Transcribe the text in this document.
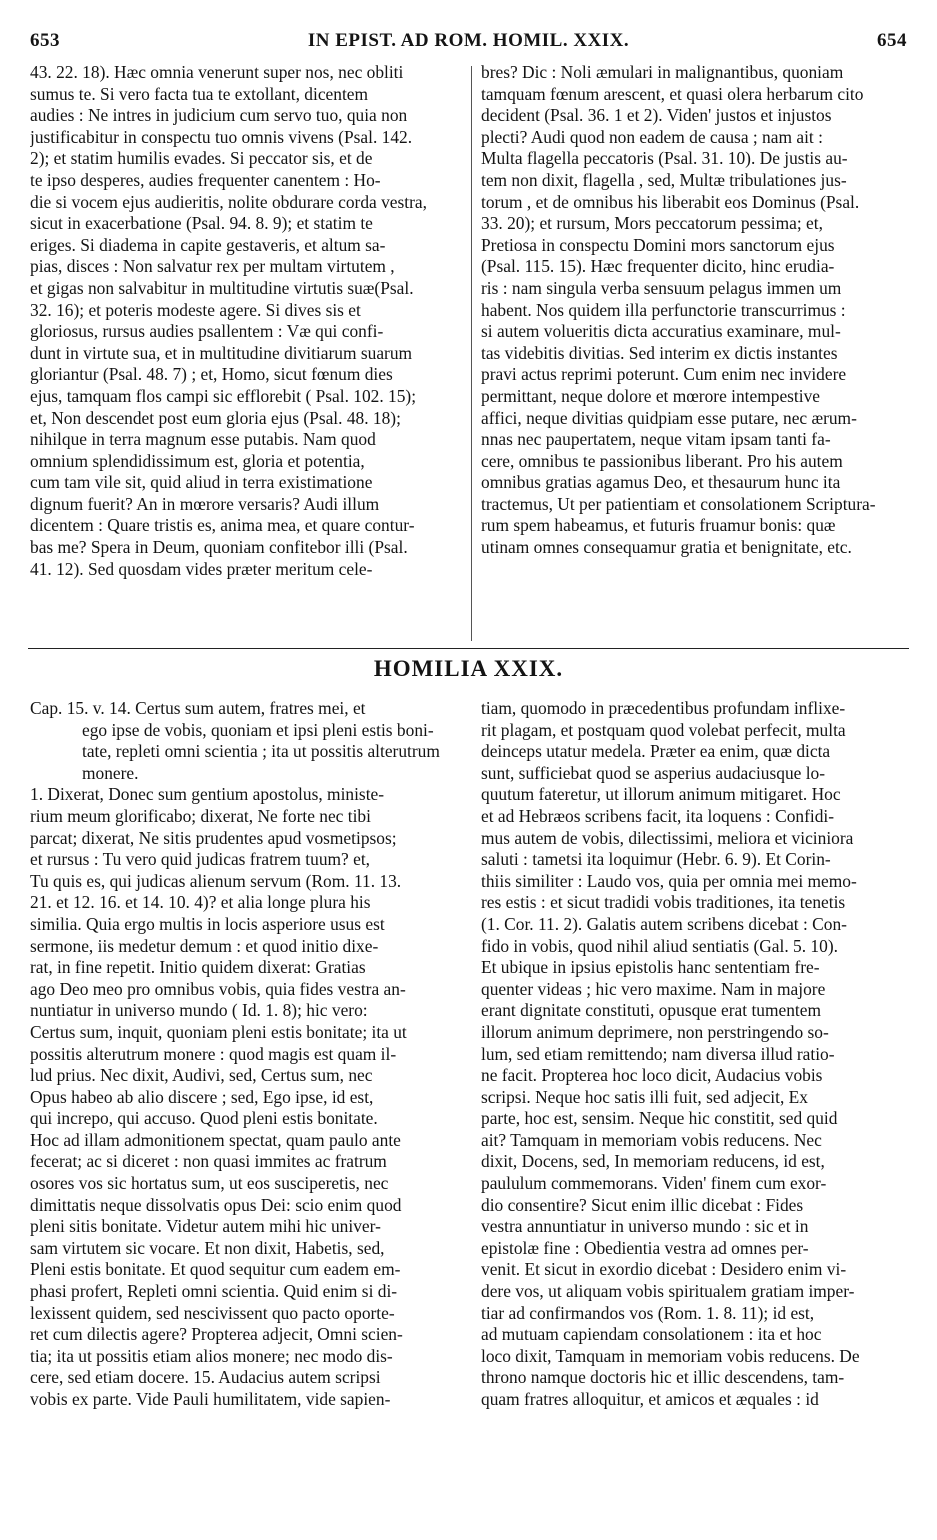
653	IN EPIST. AD ROM. HOMIL. XXIX.	654
43. 22. 18). Hæc omnia venerunt super nos, nec obliti
sumus te. Si vero facta tua te extollant, dicentem
audies : Ne intres in judicium cum servo tuo, quia non
justificabitur in conspectu tuo omnis vivens (Psal. 142.
2); et statim humilis evades. Si peccator sis, et de
te ipso desperes, audies frequenter canentem : Ho-
die si vocem ejus audieritis, nolite obdurare corda vestra,
sicut in exacerbatione (Psal. 94. 8. 9); et statim te
eriges. Si diadema in capite gestaveris, et altum sa-
pias, disces : Non salvatur rex per multam virtutem ,
et gigas non salvabitur in multitudine virtutis suæ(Psal.
32. 16); et poteris modeste agere. Si dives sis et
gloriosus, rursus audies psallentem : Væ qui confi-
dunt in virtute sua, et in multitudine divitiarum suarum
gloriantur (Psal. 48. 7) ; et, Homo, sicut fœnum dies
ejus, tamquam flos campi sic efflorebit ( Psal. 102. 15);
et, Non descendet post eum gloria ejus (Psal. 48. 18);
nihilque in terra magnum esse putabis. Nam quod
omnium splendidissimum est, gloria et potentia,
cum tam vile sit, quid aliud in terra existimatione
dignum fuerit? An in mœrore versaris? Audi illum
dicentem : Quare tristis es, anima mea, et quare contur-
bas me? Spera in Deum, quoniam confitebor illi (Psal.
41. 12). Sed quosdam vides præter meritum cele-
bres? Dic : Noli æmulari in malignantibus, quoniam
tamquam fœnum arescent, et quasi olera herbarum cito
decident (Psal. 36. 1 et 2). Viden' justos et injustos
plecti? Audi quod non eadem de causa ; nam ait :
Multa flagella peccatoris (Psal. 31. 10). De justis au-
tem non dixit, flagella , sed, Multæ tribulationes jus-
torum , et de omnibus his liberabit eos Dominus (Psal.
33. 20); et rursum, Mors peccatorum pessima; et,
Pretiosa in conspectu Domini mors sanctorum ejus
(Psal. 115. 15). Hæc frequenter dicito, hinc erudia-
ris : nam singula verba sensuum pelagus immen um
habent. Nos quidem illa perfunctorie transcurrimus :
si autem volueritis dicta accuratius examinare, mul-
tas videbitis divitias. Sed interim ex dictis instantes
pravi actus reprimi poterunt. Cum enim nec invidere
permittant, neque dolore et mœrore intempestive
affici, neque divitias quidpiam esse putare, nec ærum-
nnas nec paupertatem, neque vitam ipsam tanti fa-
cere, omnibus te passionibus liberant. Pro his autem
omnibus gratias agamus Deo, et thesaurum hunc ita
tractemus, Ut per patientiam et consolationem Scriptura-
rum spem habeamus, et futuris fruamur bonis: quæ
utinam omnes consequamur gratia et benignitate, etc.
HOMILIA XXIX.
Cap. 15. v. 14. Certus sum autem, fratres mei, et
ego ipse de vobis, quoniam et ipsi pleni estis boni-
tate, repleti omni scientia ; ita ut possitis alterutrum
monere.
1. Dixerat, Donec sum gentium apostolus, ministe-
rium meum glorificabo; dixerat, Ne forte nec tibi
parcat; dixerat, Ne sitis prudentes apud vosmetipsos;
et rursus : Tu vero quid judicas fratrem tuum? et,
Tu quis es, qui judicas alienum servum (Rom. 11. 13.
21. et 12. 16. et 14. 10. 4)? et alia longe plura his
similia. Quia ergo multis in locis asperiore usus est
sermone, iis medetur demum : et quod initio dixe-
rat, in fine repetit. Initio quidem dixerat: Gratias
ago Deo meo pro omnibus vobis, quia fides vestra an-
nuntiatur in universo mundo ( Id. 1. 8); hic vero:
Certus sum, inquit, quoniam pleni estis bonitate; ita ut
possitis alterutrum monere : quod magis est quam il-
lud prius. Nec dixit, Audivi, sed, Certus sum, nec
Opus habeo ab alio discere ; sed, Ego ipse, id est,
qui increpo, qui accuso. Quod pleni estis bonitate.
Hoc ad illam admonitionem spectat, quam paulo ante
fecerat; ac si diceret : non quasi immites ac fratrum
osores vos sic hortatus sum, ut eos susciperetis, nec
dimittatis neque dissolvatis opus Dei: scio enim quod
pleni sitis bonitate. Videtur autem mihi hic univer-
sam virtutem sic vocare. Et non dixit, Habetis, sed,
Pleni estis bonitate. Et quod sequitur cum eadem em-
phasi profert, Repleti omni scientia. Quid enim si di-
lexissent quidem, sed nescivissent quo pacto oporte-
ret cum dilectis agere? Propterea adjecit, Omni scien-
tia; ita ut possitis etiam alios monere; nec modo dis-
cere, sed etiam docere. 15. Audacius autem scripsi
vobis ex parte. Vide Pauli humilitatem, vide sapien-
tiam, quomodo in præcedentibus profundam inflixe-
rit plagam, et postquam quod volebat perfecit, multa
deinceps utatur medela. Præter ea enim, quæ dicta
sunt, sufficiebat quod se asperius audaciusque lo-
quutum fateretur, ut illorum animum mitigaret. Hoc
et ad Hebræos scribens facit, ita loquens : Confidi-
mus autem de vobis, dilectissimi, meliora et viciniora
saluti : tametsi ita loquimur (Hebr. 6. 9). Et Corin-
thiis similiter : Laudo vos, quia per omnia mei memo-
res estis : et sicut tradidi vobis traditiones, ita tenetis
(1. Cor. 11. 2). Galatis autem scribens dicebat : Con-
fido in vobis, quod nihil aliud sentiatis (Gal. 5. 10).
Et ubique in ipsius epistolis hanc sententiam fre-
quenter videas ; hic vero maxime. Nam in majore
erant dignitate constituti, opusque erat tumentem
illorum animum deprimere, non perstringendo so-
lum, sed etiam remittendo; nam diversa illud ratio-
ne facit. Propterea hoc loco dicit, Audacius vobis
scripsi. Neque hoc satis illi fuit, sed adjecit, Ex
parte, hoc est, sensim. Neque hic constitit, sed quid
ait? Tamquam in memoriam vobis reducens. Nec
dixit, Docens, sed, In memoriam reducens, id est,
paululum commemorans. Viden' finem cum exor-
dio consentire? Sicut enim illic dicebat : Fides
vestra annuntiatur in universo mundo : sic et in
epistolæ fine : Obedientia vestra ad omnes per-
venit. Et sicut in exordio dicebat : Desidero enim vi-
dere vos, ut aliquam vobis spiritualem gratiam imper-
tiar ad confirmandos vos (Rom. 1. 8. 11); id est,
ad mutuam capiendam consolationem : ita et hoc
loco dixit, Tamquam in memoriam vobis reducens. De
throno namque doctoris hic et illic descendens, tam-
quam fratres alloquitur, et amicos et æquales : id
